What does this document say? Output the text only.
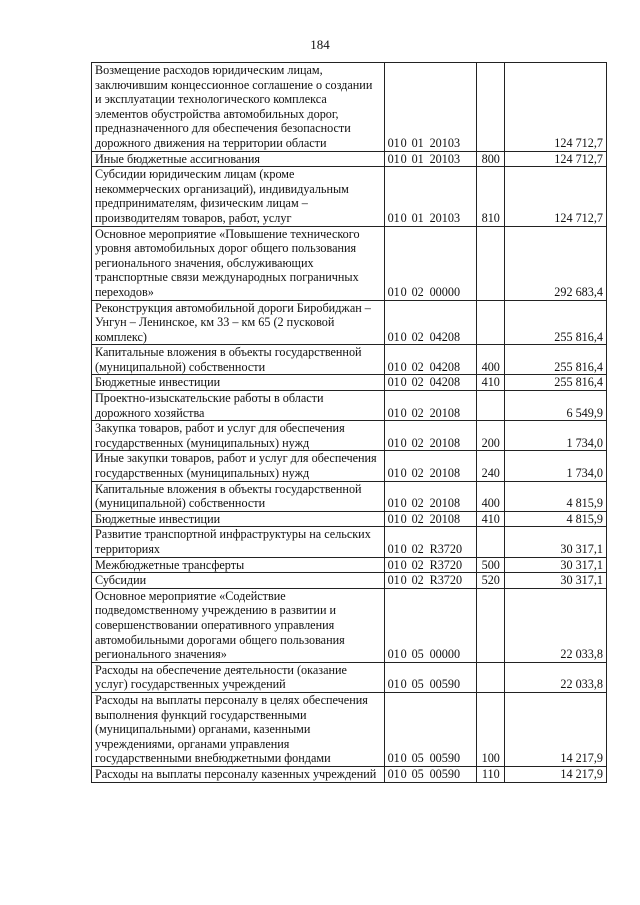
184
Возмещение расходов юридическим лицам, заключившим концессионное соглашение о создании и эксплуатации технологического комплекса элементов обустройства автомобильных дорог, предназначенного для обеспечения безопасности дорожного движения на территории области	010 01 20103		124 712,7
Иные бюджетные ассигнования	010 01 20103	800	124 712,7
Субсидии юридическим лицам (кроме некоммерческих организаций), индивидуальным предпринимателям, физическим лицам – производителям товаров, работ, услуг	010 01 20103	810	124 712,7
Основное мероприятие «Повышение технического уровня автомобильных дорог общего пользования регионального значения, обслуживающих транспортные связи международных пограничных переходов»	010 02 00000		292 683,4
Реконструкция автомобильной дороги Биробиджан – Унгун – Ленинское, км 33 – км 65 (2 пусковой комплекс)	010 02 04208		255 816,4
Капитальные вложения в объекты государственной (муниципальной) собственности	010 02 04208	400	255 816,4
Бюджетные инвестиции	010 02 04208	410	255 816,4
Проектно-изыскательские работы в области дорожного хозяйства	010 02 20108		6 549,9
Закупка товаров, работ и услуг для обеспечения государственных (муниципальных) нужд	010 02 20108	200	1 734,0
Иные закупки товаров, работ и услуг для обеспечения государственных (муниципальных) нужд	010 02 20108	240	1 734,0
Капитальные вложения в объекты государственной (муниципальной) собственности	010 02 20108	400	4 815,9
Бюджетные инвестиции	010 02 20108	410	4 815,9
Развитие транспортной инфраструктуры на сельских территориях	010 02 R3720		30 317,1
Межбюджетные трансферты	010 02 R3720	500	30 317,1
Субсидии	010 02 R3720	520	30 317,1
Основное мероприятие «Содействие подведомственному учреждению в развитии и совершенствовании оперативного управления автомобильными дорогами общего пользования регионального значения»	010 05 00000		22 033,8
Расходы на обеспечение деятельности (оказание услуг) государственных учреждений	010 05 00590		22 033,8
Расходы на выплаты персоналу в целях обеспечения выполнения функций государственными (муниципальными) органами, казенными учреждениями, органами управления государственными внебюджетными фондами	010 05 00590	100	14 217,9
Расходы на выплаты персоналу казенных учреждений	010 05 00590	110	14 217,9
